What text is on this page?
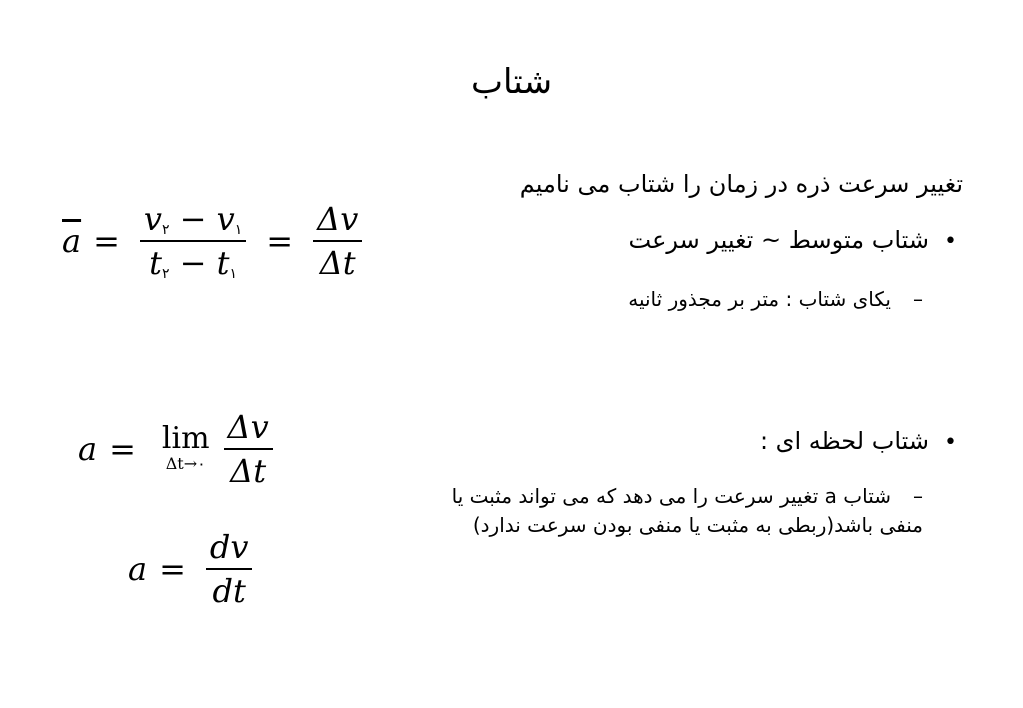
شتاب
تغییر سرعت ذره در زمان را شتاب می نامیم
•شتاب متوسط ~ تغییر سرعت
–یکای شتاب : متر بر مجذور ثانیه
•شتاب لحظه ای :
–شتاب a تغییر سرعت را می دهد که می تواند مثبت یا
منفی باشد(ربطی به مثبت یا منفی بودن سرعت ندارد)
$\overline{a} = \frac{v۲ - v۱}{t۲ - t۱} = \frac{\Delta v}{\Delta t}$
a = lim
Δt→۰ $\frac{\Delta v}{\Delta t}$
$a = \frac{dv}{dt}$
